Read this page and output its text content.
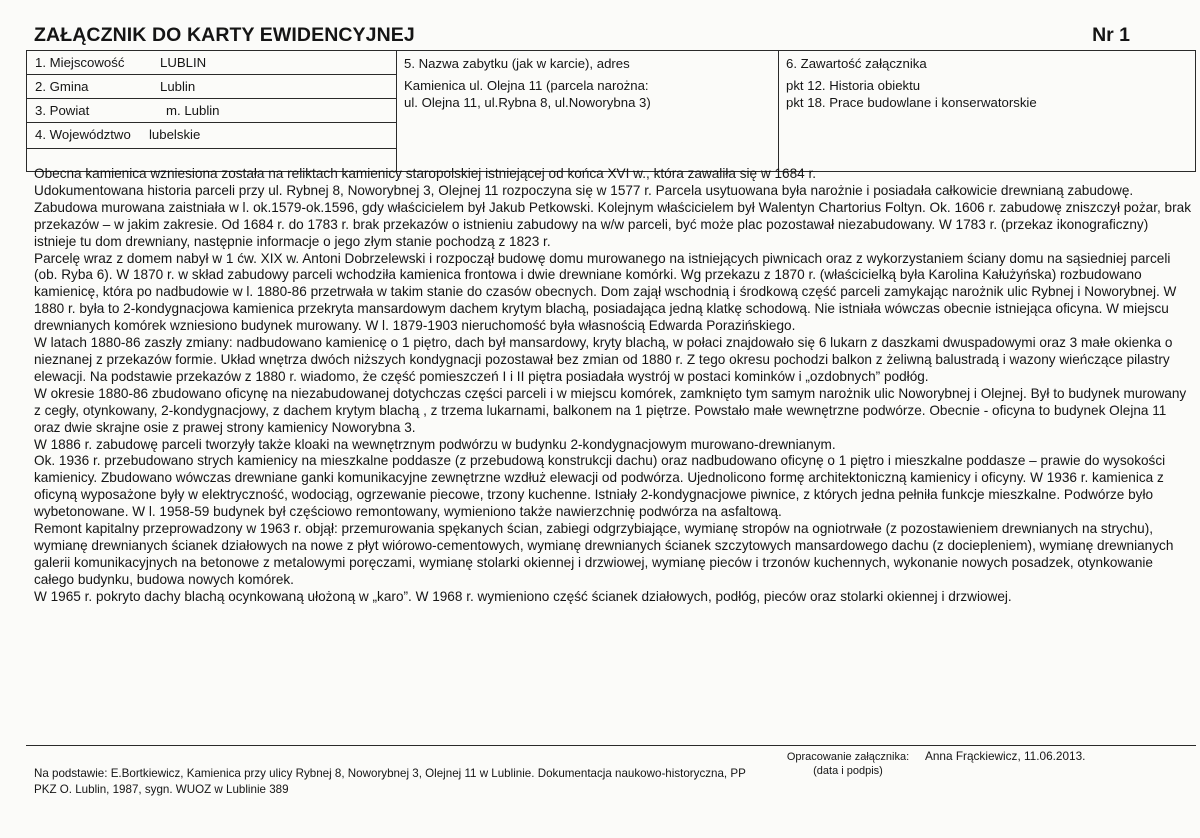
ZAŁĄCZNIK DO KARTY EWIDENCYJNEJ	Nr 1
1. Miejscowość	LUBLIN
2. Gmina	Lublin
3. Powiat	m. Lublin
4. Województwo lubelskie
5. Nazwa zabytku (jak w karcie), adres
Kamienica ul. Olejna 11 (parcela narożna:
ul. Olejna 11, ul.Rybna 8, ul.Noworybna 3)
6. Zawartość załącznika
pkt 12. Historia obiektu
pkt 18. Prace budowlane i konserwatorskie

Obecna kamienica wzniesiona została na reliktach kamienicy staropolskiej istniejącej od końca XVI w., która zawaliła się w 1684 r.

Udokumentowana historia parceli przy ul. Rybnej 8, Noworybnej 3, Olejnej 11 rozpoczyna się w 1577 r. Parcela usytuowana była narożnie i posiadała całkowicie drewnianą zabudowę. Zabudowa murowana zaistniała w l. ok.1579-ok.1596, gdy właścicielem był Jakub Petkowski. Kolejnym właścicielem był Walentyn Chartorius Foltyn. Ok. 1606 r. zabudowę zniszczył pożar, brak przekazów – w jakim zakresie. Od 1684 r. do 1783 r. brak przekazów o istnieniu zabudowy na w/w parceli, być może plac pozostawał niezabudowany. W 1783 r. (przekaz ikonograficzny) istnieje tu dom drewniany, następnie informacje o jego złym stanie pochodzą z 1823 r.

Parcelę wraz z domem nabył w 1 ćw. XIX w. Antoni Dobrzelewski i rozpoczął budowę domu murowanego na istniejących piwnicach oraz z wykorzystaniem ściany domu na sąsiedniej parceli (ob. Ryba 6). W 1870 r. w skład zabudowy parceli wchodziła kamienica frontowa i dwie drewniane komórki. Wg przekazu z 1870 r. (właścicielką była Karolina Kałużyńska) rozbudowano kamienicę, która po nadbudowie w l. 1880-86 przetrwała w takim stanie do czasów obecnych. Dom zajął wschodnią i środkową część parceli zamykając narożnik ulic Rybnej i Noworybnej. W 1880 r. była to 2-kondygnacjowa kamienica przekryta mansardowym dachem krytym blachą, posiadająca jedną klatkę schodową. Nie istniała wówczas obecnie istniejąca oficyna. W miejscu drewnianych komórek wzniesiono budynek murowany. W l. 1879-1903 nieruchomość była własnością Edwarda Porazińskiego.

W latach 1880-86 zaszły zmiany: nadbudowano kamienicę o 1 piętro, dach był mansardowy, kryty blachą, w połaci znajdowało się 6 lukarn z daszkami dwuspadowymi oraz 3 małe okienka o nieznanej z przekazów formie. Układ wnętrza dwóch niższych kondygnacji pozostawał bez zmian od 1880 r. Z tego okresu pochodzi balkon z żeliwną balustradą i wazony wieńczące pilastry elewacji. Na podstawie przekazów z 1880 r. wiadomo, że część pomieszczeń I i II piętra posiadała wystrój w postaci kominków i „ozdobnych” podłóg.

W okresie 1880-86 zbudowano oficynę na niezabudowanej dotychczas części parceli i w miejscu komórek, zamknięto tym samym narożnik ulic Noworybnej i Olejnej. Był to budynek murowany z cegły, otynkowany, 2-kondygnacjowy, z dachem krytym blachą , z trzema lukarnami, balkonem na 1 piętrze. Powstało małe wewnętrzne podwórze. Obecnie - oficyna to budynek Olejna 11 oraz dwie skrajne osie z prawej strony kamienicy Noworybna 3.

W 1886 r. zabudowę parceli tworzyły także kloaki na wewnętrznym podwórzu w budynku 2-kondygnacjowym murowano-drewnianym.

Ok. 1936 r. przebudowano strych kamienicy na mieszkalne poddasze (z przebudową konstrukcji dachu) oraz nadbudowano oficynę o 1 piętro i mieszkalne poddasze – prawie do wysokości kamienicy. Zbudowano wówczas drewniane ganki komunikacyjne zewnętrzne wzdłuż elewacji od podwórza. Ujednolicono formę architektoniczną kamienicy i oficyny. W 1936 r. kamienica z oficyną wyposażone były w elektryczność, wodociąg, ogrzewanie piecowe, trzony kuchenne. Istniały 2-kondygnacjowe piwnice, z których jedna pełniła funkcje mieszkalne. Podwórze było wybetonowane. W l. 1958-59 budynek był częściowo remontowany, wymieniono także nawierzchnię podwórza na asfaltową.

Remont kapitalny przeprowadzony w 1963 r. objął: przemurowania spękanych ścian, zabiegi odgrzybiające, wymianę stropów na ogniotrwałe (z pozostawieniem drewnianych na strychu), wymianę drewnianych ścianek działowych na nowe z płyt wiórowo-cementowych, wymianę drewnianych ścianek szczytowych mansardowego dachu (z dociepleniem), wymianę drewnianych galerii komunikacyjnych na betonowe z metalowymi poręczami, wymianę stolarki okiennej i drzwiowej, wymianę pieców i trzonów kuchennych, wykonanie nowych posadzek, otynkowanie całego budynku, budowa nowych komórek.

W 1965 r. pokryto dachy blachą ocynkowaną ułożoną w „karo”. W 1968 r. wymieniono część ścianek działowych, podłóg, pieców oraz stolarki okiennej i drzwiowej.

Opracowanie załącznika:
(data i podpis)
Anna Frąckiewicz, 11.06.2013.
Na podstawie: E.Bortkiewicz, Kamienica przy ulicy Rybnej 8, Noworybnej 3, Olejnej 11 w Lublinie. Dokumentacja naukowo-historyczna, PP PKZ O. Lublin, 1987, sygn. WUOZ w Lublinie 389
